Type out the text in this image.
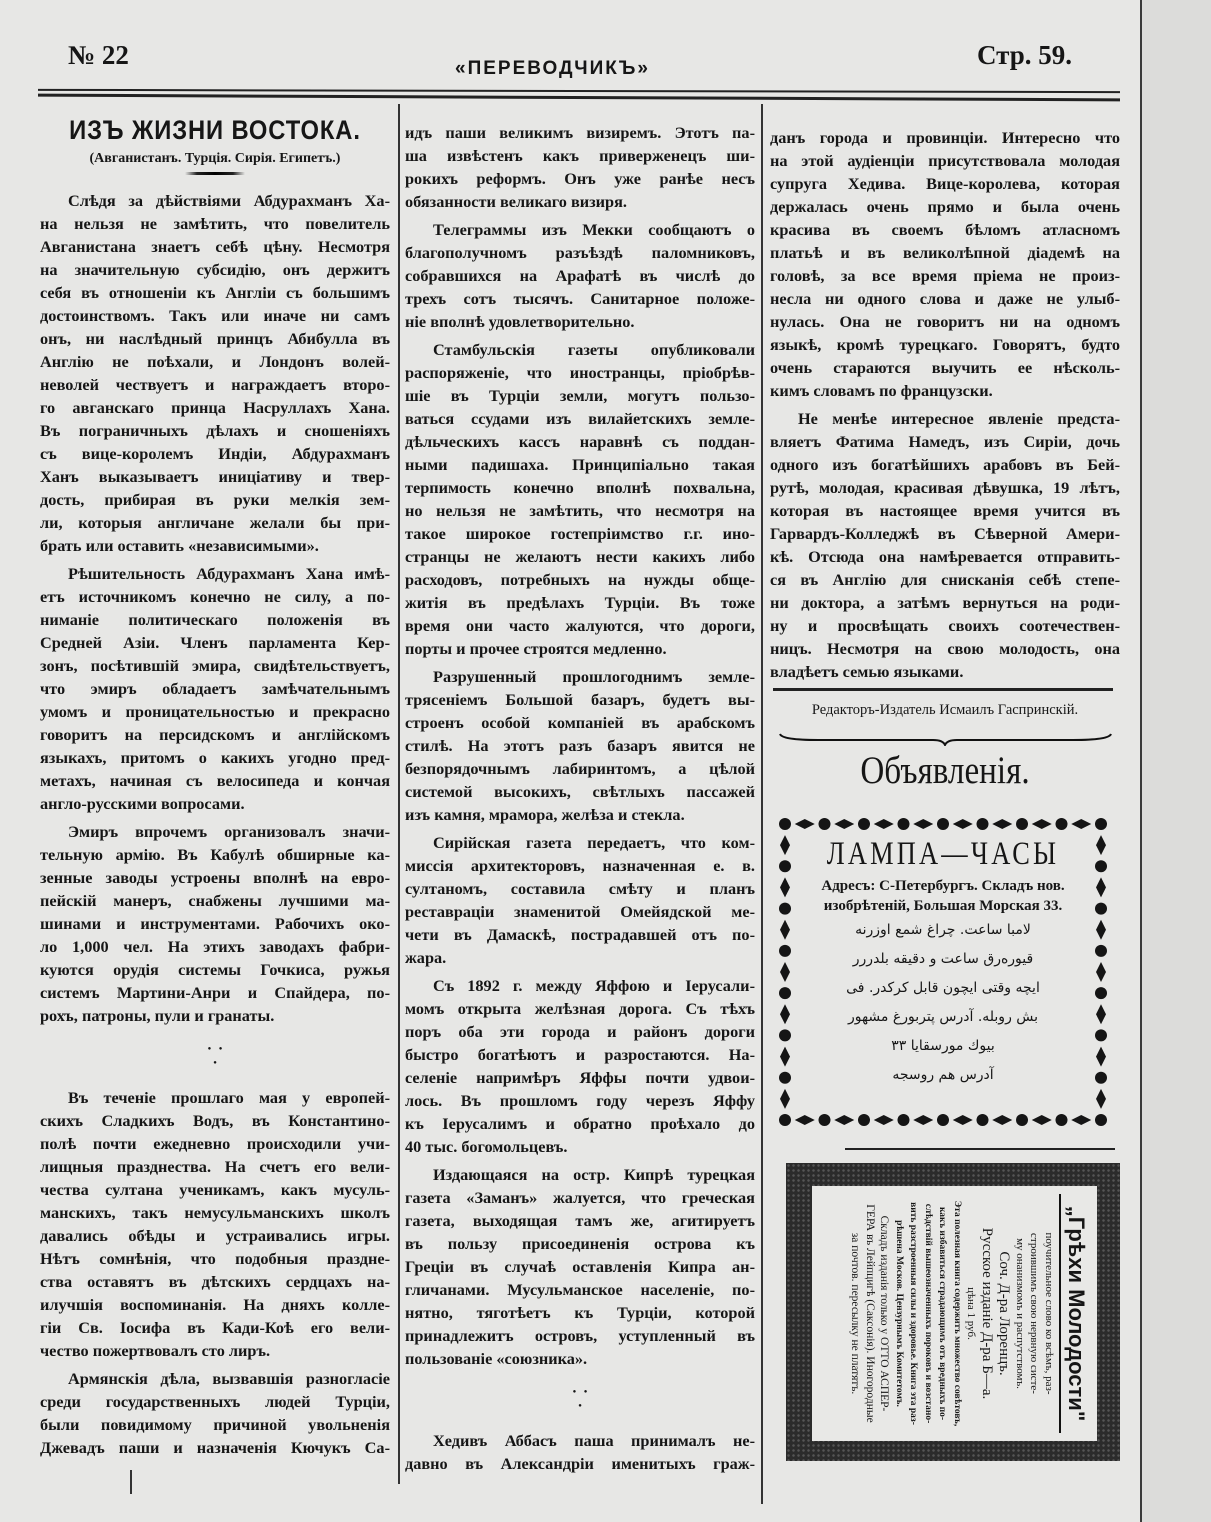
№ 22	«ПЕРЕВОДЧИКЪ»	Стр. 59.
ИЗЪ ЖИЗНИ ВОСТОКА.
(Авганистанъ. Турція. Сирія. Египетъ.)
Слѣдя за дѣйствіями Абдурахманъ Ха-
на нельзя не замѣтить, что повелитель
Авганистана знаетъ себѣ цѣну. Несмотря
на значительную субсидію, онъ держитъ
себя въ отношеніи къ Англіи съ большимъ
достоинствомъ. Такъ или иначе ни самъ
онъ, ни наслѣдный принцъ Абибулла въ
Англію не поѣхали, и Лондонъ волей-
неволей чествуетъ и награждаетъ второ-
го авганскаго принца Насруллахъ Хана.
Въ пограничныхъ дѣлахъ и сношеніяхъ
съ вице-королемъ Индіи, Абдурахманъ
Ханъ выказываетъ иниціативу и твер-
дость, прибирая въ руки мелкія зем-
ли, которыя англичане желали бы при-
брать или оставить «независимыми».
Рѣшительность Абдурахманъ Хана имѣ-
етъ источникомъ конечно не силу, а по-
ниманіе политическаго положенія въ
Средней Азіи. Членъ парламента Кер-
зонъ, посѣтившій эмира, свидѣтельствуетъ,
что эмиръ обладаетъ замѣчательнымъ
умомъ и проницательностью и прекрасно
говоритъ на персидскомъ и англійскомъ
языкахъ, притомъ о какихъ угодно пред-
метахъ, начиная съ велосипеда и кончая
англо-русскими вопросами.
Эмиръ впрочемъ организовалъ значи-
тельную армію. Въ Кабулѣ обширные ка-
зенные заводы устроены вполнѣ на евро-
пейскій манеръ, снабжены лучшими ма-
шинами и инструментами. Рабочихъ око-
ло 1,000 чел. На этихъ заводахъ фабри-
куются орудія системы Гочкиса, ружья
системъ Мартини-Анри и Спайдера, по-
рохъ, патроны, пули и гранаты.
●     ●
●
Въ теченіе прошлаго мая у европей-
скихъ Сладкихъ Водъ, въ Константино-
полѣ почти ежедневно происходили учи-
лищныя празднества. На счетъ его вели-
чества султана ученикамъ, какъ мусуль-
манскихъ, такъ немусульманскихъ школъ
давались обѣды и устраивались игры.
Нѣтъ сомнѣнія, что подобныя праздне-
ства оставятъ въ дѣтскихъ сердцахъ на-
илучшія воспоминанія. На дняхъ колле-
гіи Св. Іосифа въ Кади-Коѣ его вели-
чество пожертвовалъ сто лиръ.
Армянскія дѣла, вызвавшія разногласіе
среди государственныхъ людей Турціи,
были повидимому причиной увольненія
Джевадъ паши и назначенія Кючукъ Са-
идъ паши великимъ визиремъ. Этотъ па-
ша извѣстенъ какъ приверженецъ ши-
рокихъ реформъ. Онъ уже ранѣе несъ
обязанности великаго визиря.
Телеграммы изъ Мекки сообщаютъ о
благополучномъ разъѣздѣ паломниковъ,
собравшихся на Арафатѣ въ числѣ до
трехъ сотъ тысячъ. Санитарное положе-
ніе вполнѣ удовлетворительно.
Стамбульскія газеты опубликовали
распоряженіе, что иностранцы, пріобрѣв-
шіе въ Турціи земли, могутъ пользо-
ваться ссудами изъ вилайетскихъ земле-
дѣльческихъ кассъ наравнѣ съ поддан-
ными падишаха. Принципіально такая
терпимость конечно вполнѣ похвальна,
но нельзя не замѣтить, что несмотря на
такое широкое гостепріимство г.г. ино-
странцы не желаютъ нести какихъ либо
расходовъ, потребныхъ на нужды обще-
житія въ предѣлахъ Турціи. Въ тоже
время они часто жалуются, что дороги,
порты и прочее строятся медленно.
Разрушенный прошлогоднимъ земле-
трясеніемъ Большой базаръ, будетъ вы-
строенъ особой компаніей въ арабскомъ
стилѣ. На этотъ разъ базаръ явится не
безпорядочнымъ лабиринтомъ, а цѣлой
системой высокихъ, свѣтлыхъ пассажей
изъ камня, мрамора, желѣза и стекла.
Сирійская газета передаетъ, что ком-
миссія архитекторовъ, назначенная е. в.
султаномъ, составила смѣту и планъ
реставраціи знаменитой Омейядской ме-
чети въ Дамаскѣ, пострадавшей отъ по-
жара.
Съ 1892 г. между Яффою и Іерусали-
момъ открыта желѣзная дорога. Съ тѣхъ
поръ оба эти города и районъ дороги
быстро богатѣютъ и разростаются. На-
селеніе напримѣръ Яффы почти удвои-
лось. Въ прошломъ году черезъ Яффу
къ Іерусалимъ и обратно проѣхало до
40 тыс. богомольцевъ.
Издающаяся на остр. Кипрѣ турецкая
газета «Заманъ» жалуется, что греческая
газета, выходящая тамъ же, агитируетъ
въ пользу присоединенія острова къ
Греціи въ случаѣ оставленія Кипра ан-
гличанами. Мусульманское населеніе, по-
нятно, тяготѣетъ къ Турціи, которой
принадлежитъ островъ, уступленный въ
пользованіе «союзника».
●     ●
●
Хедивъ Аббасъ паша принималъ не-
давно въ Александріи именитыхъ граж-
данъ города и провинціи. Интересно что
на этой аудіенціи присутствовала молодая
супруга Хедива. Вице-королева, которая
держалась очень прямо и была очень
красива въ своемъ бѣломъ атласномъ
платьѣ и въ великолѣпной діадемѣ на
головѣ, за все время пріема не произ-
несла ни одного слова и даже не улыб-
нулась. Она не говоритъ ни на одномъ
языкѣ, кромѣ турецкаго. Говорятъ, будто
очень стараются выучить ее нѣсколь-
кимъ словамъ по французски.
Не менѣе интересное явленіе предста-
вляетъ Фатима Намедъ, изъ Сиріи, дочь
одного изъ богатѣйшихъ арабовъ въ Бей-
рутѣ, молодая, красивая дѣвушка, 19 лѣтъ,
которая въ настоящее время учится въ
Гарвардъ-Колледжѣ въ Сѣверной Амери-
кѣ. Отсюда она намѣревается отправить-
ся въ Англію для снисканія себѣ степе-
ни доктора, а затѣмъ вернуться на роди-
ну и просвѣщать своихъ соотечествен-
ницъ. Несмотря на свою молодость, она
владѣетъ семью языками.
Редакторъ-Издатель Исмаилъ Гаспринскій.
Объявленія.
ЛАМПА—ЧАСЫ
Адресъ: С-Петербургъ. Складъ нов.
изобрѣтеній, Большая Морская 33.
لامبا ساعت. چراغ شمع اوزرنه
قيوره‌رق ساعت و دقيقه بلدررر
ايچه وقتى ايچون قابل كركدر. فى
بش روبله. آدرس پتربورغ مشهور
بيوك مورسقايا ٣٣
آدرس هم روسجه
„Грѣхи Молодости"
поучительное слово ко всѣмъ, раз-
строившимъ свою нервную систе-
му онанизмомъ и распутствомъ.
Соч. Д-ра Лоренцъ.
Русское изданіе Д-ра Б—а.
цѣна 1 руб.
Эта полезная книга содержитъ множество совѣтовъ,
какъ избавиться страдающимъ отъ вредныхъ по-
слѣдствій вышеозначенныхъ пороковъ и возстано-
вить разстроенныя силы и здоровье. Книга эта раз-
рѣшена Москов. Цензурнымъ Комитетомъ.
Складъ изданія только у ОТТО АСПЕР-
ГЕРА въ Лейпцигѣ (Саксонія). Иногородные
за почтов. пересылку не платятъ.
